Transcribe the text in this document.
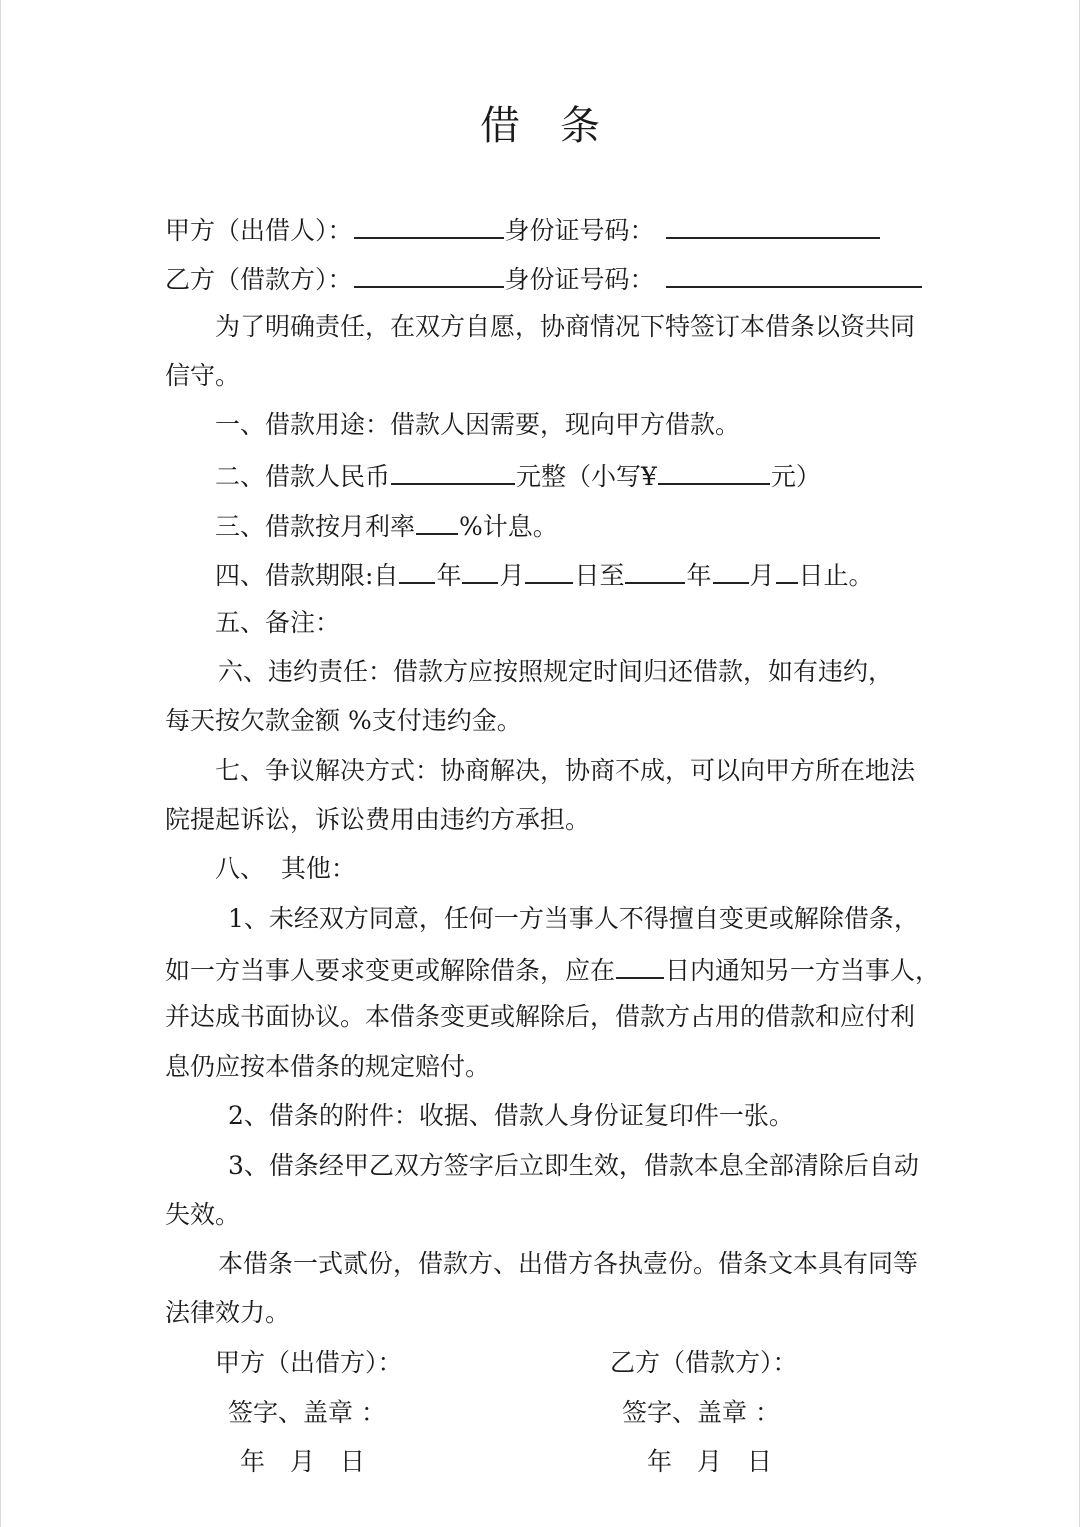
借　条
甲方（出借人）：	身份证号码：
乙方（借款方）：	身份证号码：
为了明确责任，在双方自愿，协商情况下特签订本借条以资共同
信守。
一、借款用途：借款人因需要，现向甲方借款。
二、借款人民币	元整（小写¥	元）
三、借款按月利率 %计息。
四、借款期限:自 年 月 日至 年 月 日止。
五、备注：
六、违约责任：借款方应按照规定时间归还借款，如有违约，
每天按欠款金额 %支付违约金。
七、争议解决方式：协商解决，协商不成，可以向甲方所在地法
院提起诉讼，诉讼费用由违约方承担。
八、  其他：
1、未经双方同意，任何一方当事人不得擅自变更或解除借条，
如一方当事人要求变更或解除借条，应在 日内通知另一方当事人，
并达成书面协议。本借条变更或解除后，借款方占用的借款和应付利
息仍应按本借条的规定赔付。
2、借条的附件：收据、借款人身份证复印件一张。
3、借条经甲乙双方签字后立即生效，借款本息全部清除后自动
失效。
本借条一式贰份，借款方、出借方各执壹份。借条文本具有同等
法律效力。
甲方（出借方）：	乙方（借款方）：
签字、盖章 ：	签字、盖章 ：
年 月 日	年 月 日
